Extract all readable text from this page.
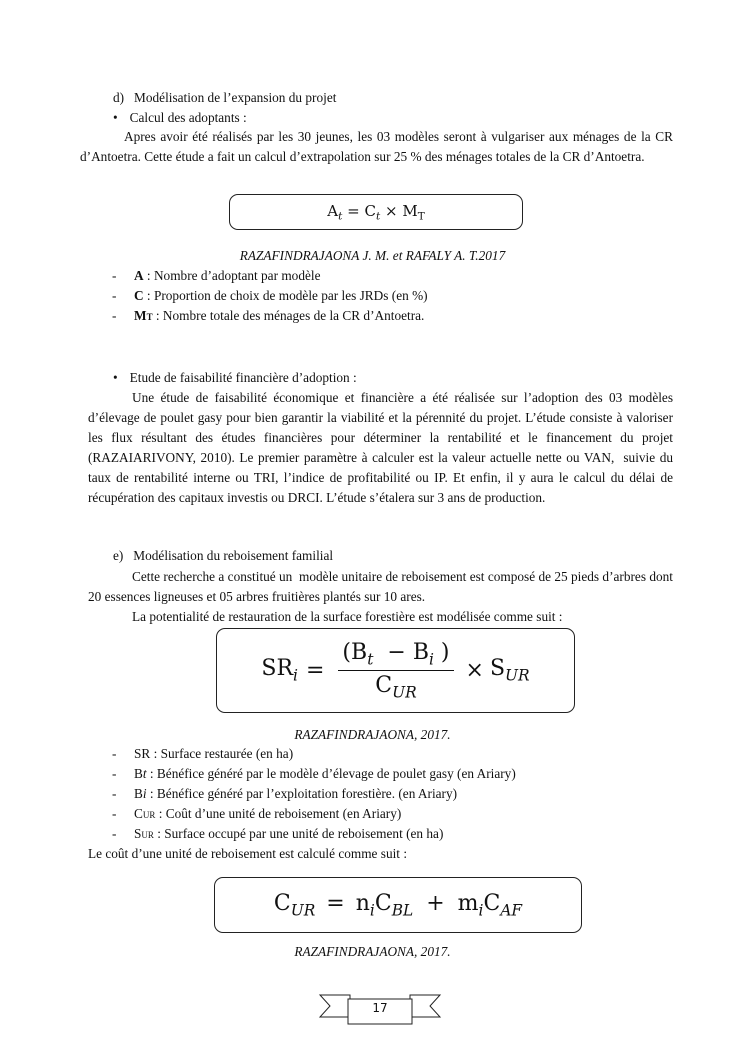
d)   Modélisation de l’expansion du projet
• Calcul des adoptants :

Apres avoir été réalisés par les 30 jeunes, les 03 modèles seront à vulgariser aux ménages de la CR d’Antoetra. Cette étude a fait un calcul d’extrapolation sur 25 % des ménages totales de la CR d’Antoetra.

$A_t = C_t \times M_T$
RAZAFINDRAJAONA J. M. et RAFALY A. T.2017
- A : Nombre d’adoptant par modèle
- C : Proportion de choix de modèle par les JRDs (en %)
- MT : Nombre totale des ménages de la CR d’Antoetra.
• Etude de faisabilité financière d’adoption :

Une étude de faisabilité économique et financière a été réalisée sur l’adoption des 03 modèles d’élevage de poulet gasy pour bien garantir la viabilité et la pérennité du projet. L’étude consiste à valoriser les flux résultant des études financières pour déterminer la rentabilité et le financement du projet (RAZAIARIVONY, 2010). Le premier paramètre à calculer est la valeur actuelle nette ou VAN,  suivie du taux de rentabilité interne ou TRI, l’indice de profitabilité ou IP. Et enfin, il y aura le calcul du délai de récupération des capitaux investis ou DRCI. L’étude s’étalera sur 3 ans de production.

e)   Modélisation du reboisement familial

Cette recherche a constitué un  modèle unitaire de reboisement est composé de 25 pieds d’arbres dont 20 essences ligneuses et 05 arbres fruitières plantés sur 10 ares.

La potentialité de restauration de la surface forestière est modélisée comme suit :

$SR_i = \frac{(B_t - B_i )}{C_{UR}} \times S_{UR}$
RAZAFINDRAJAONA, 2017.
- SR : Surface restaurée (en ha)
- Bt : Bénéfice généré par le modèle d’élevage de poulet gasy (en Ariary)
- Bi : Bénéfice généré par l’exploitation forestière. (en Ariary)
- CUR : Coût d’une unité de reboisement (en Ariary)
- SUR : Surface occupé par une unité de reboisement (en ha)
Le coût d’une unité de reboisement est calculé comme suit :
$C_{UR} = n_iC_{BL} + m_iC_{AF}$
RAZAFINDRAJAONA, 2017.
17
